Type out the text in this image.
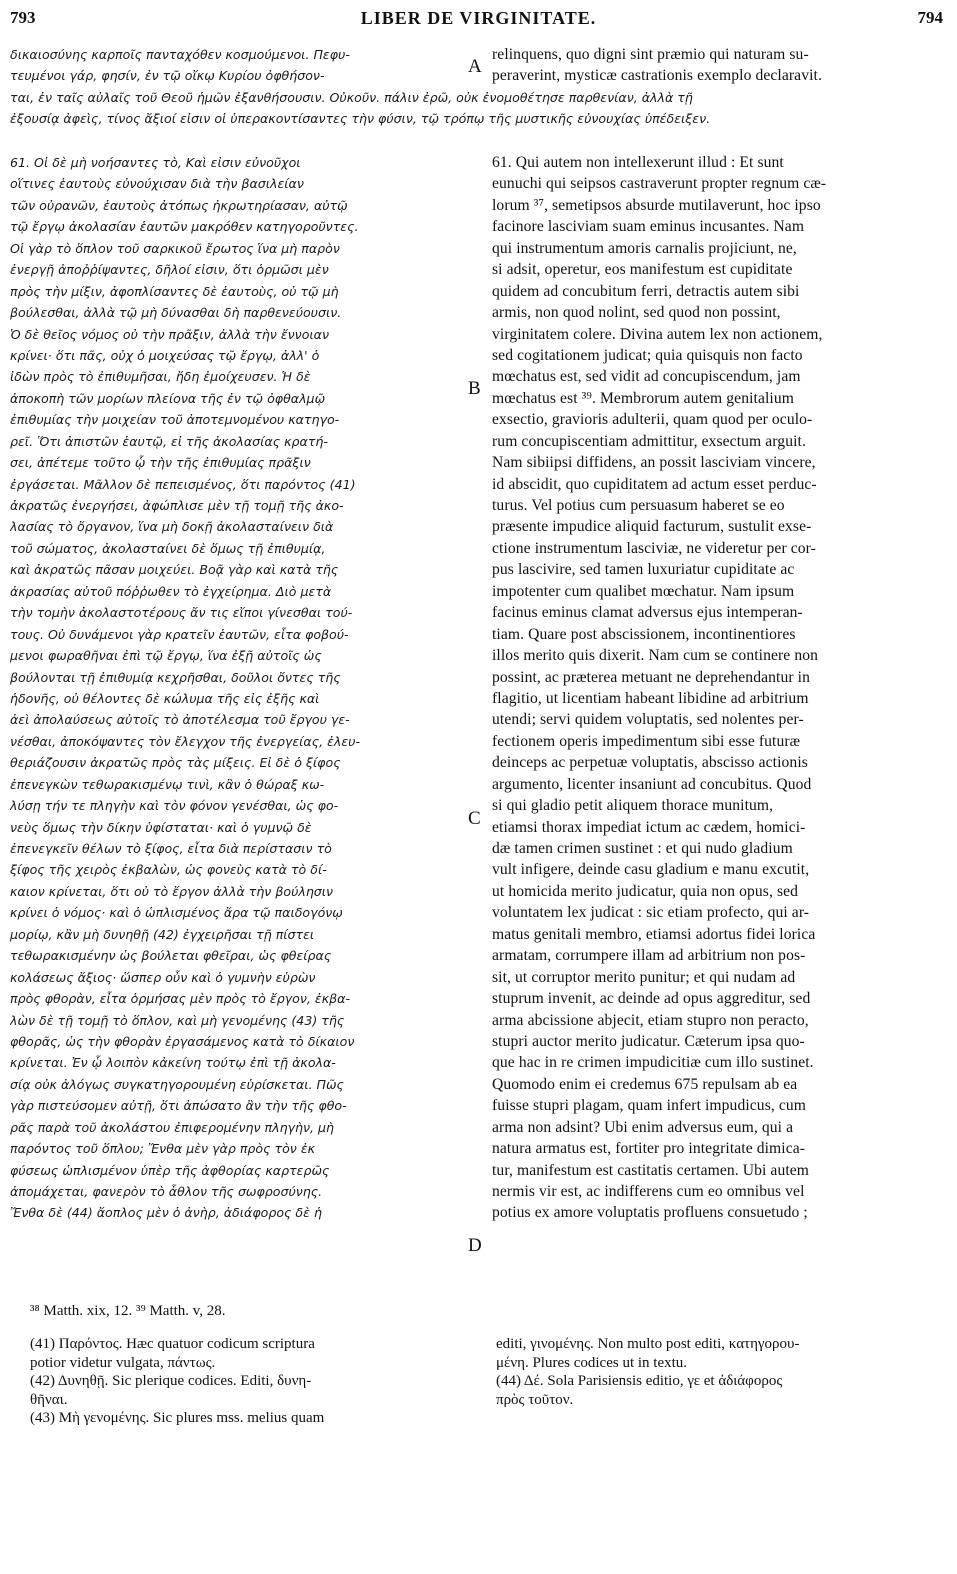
793	LIBER DE VIRGINITATE.	794
δικαιοσύνης καρποῖς πανταχόθεν κοσμούμενοι. Πεφυ-
τευμένοι γάρ, φησίν, ἐν τῷ οἴκῳ Κυρίου ὀφθήσον-
relinquens, quo digni sint præmio qui naturam su-
peraverint, mysticæ castrationis exemplo declaravit.
ται, ἐν ταῖς αὐλαῖς τοῦ Θεοῦ ἡμῶν ἐξανθήσουσιν. Οὐκοῦν. πάλιν ἐρῶ, οὐκ ἐνομοθέτησε παρθενίαν, ἀλλὰ τῇ
ἐξουσίᾳ ἀφεὶς, τίνος ἄξιοί εἰσιν οἱ ὑπερακοντίσαντες τὴν φύσιν, τῷ τρόπῳ τῆς μυστικῆς εὐνουχίας ὑπέδειξεν.
A
B
C
D
61. Οἱ δὲ μὴ νοήσαντες τὸ, Καὶ εἰσιν εὐνοῦχοι
οἵτινες ἑαυτοὺς εὐνούχισαν διὰ τὴν βασιλείαν
τῶν οὐρανῶν, ἑαυτοὺς ἀτόπως ἠκρωτηρίασαν, αὐτῷ
τῷ ἔργῳ ἀκολασίαν ἑαυτῶν μακρόθεν κατηγοροῦντες.
Οἱ γὰρ τὸ ὅπλον τοῦ σαρκικοῦ ἔρωτος ἵνα μὴ παρὸν
ἐνεργῇ ἀποῤῥίψαντες, δῆλοί εἰσιν, ὅτι ὁρμῶσι μὲν
πρὸς τὴν μίξιν, ἀφοπλίσαντες δὲ ἑαυτοὺς, οὐ τῷ μὴ
βούλεσθαι, ἀλλὰ τῷ μὴ δύνασθαι δὴ παρθενεύουσιν.
Ὁ δὲ θεῖος νόμος οὐ τὴν πρᾶξιν, ἀλλὰ τὴν ἔννοιαν
κρίνει· ὅτι πᾶς, οὐχ ὁ μοιχεύσας τῷ ἔργῳ, ἀλλ' ὁ
ἰδὼν πρὸς τὸ ἐπιθυμῆσαι, ἤδη ἐμοίχευσεν. Ἡ δὲ
ἀποκοπὴ τῶν μορίων πλείονα τῆς ἐν τῷ ὀφθαλμῷ
ἐπιθυμίας τὴν μοιχείαν τοῦ ἀποτεμνομένου κατηγο-
ρεῖ. Ὅτι ἀπιστῶν ἑαυτῷ, εἰ τῆς ἀκολασίας κρατή-
σει, ἀπέτεμε τοῦτο ᾧ τὴν τῆς ἐπιθυμίας πρᾶξιν
ἐργάσεται. Μᾶλλον δὲ πεπεισμένος, ὅτι παρόντος (41)
ἀκρατῶς ἐνεργήσει, ἀφώπλισε μὲν τῇ τομῇ τῆς ἀκο-
λασίας τὸ ὄργανον, ἵνα μὴ δοκῇ ἀκολασταίνειν διὰ
τοῦ σώματος, ἀκολασταίνει δὲ ὅμως τῇ ἐπιθυμίᾳ,
καὶ ἀκρατῶς πᾶσαν μοιχεύει. Βοᾷ γὰρ καὶ κατὰ τῆς
ἀκρασίας αὐτοῦ πόῤῥωθεν τὸ ἐγχείρημα. Διὸ μετὰ
τὴν τομὴν ἀκολαστοτέρους ἄν τις εἴποι γίνεσθαι τού-
τους. Οὐ δυνάμενοι γὰρ κρατεῖν ἑαυτῶν, εἶτα φοβού-
μενοι φωραθῆναι ἐπὶ τῷ ἔργῳ, ἵνα ἐξῇ αὐτοῖς ὡς
βούλονται τῇ ἐπιθυμίᾳ κεχρῆσθαι, δοῦλοι ὄντες τῆς
ἡδονῆς, οὐ θέλοντες δὲ κώλυμα τῆς εἰς ἐξῆς καὶ
ἀεὶ ἀπολαύσεως αὐτοῖς τὸ ἀποτέλεσμα τοῦ ἔργου γε-
νέσθαι, ἀποκόψαντες τὸν ἔλεγχον τῆς ἐνεργείας, ἐλευ-
θεριάζουσιν ἀκρατῶς πρὸς τὰς μίξεις. Εἰ δὲ ὁ ξίφος
ἐπενεγκὼν τεθωρακισμένῳ τινὶ, κἂν ὁ θώραξ κω-
λύσῃ τήν τε πληγὴν καὶ τὸν φόνον γενέσθαι, ὡς φο-
νεὺς ὅμως τὴν δίκην ὑφίσταται· καὶ ὁ γυμνῷ δὲ
ἐπενεγκεῖν θέλων τὸ ξίφος, εἶτα διὰ περίστασιν τὸ
ξίφος τῆς χειρὸς ἐκβαλὼν, ὡς φονεὺς κατὰ τὸ δί-
καιον κρίνεται, ὅτι οὐ τὸ ἔργον ἀλλὰ τὴν βούλησιν
κρίνει ὁ νόμος· καὶ ὁ ὡπλισμένος ἄρα τῷ παιδογόνῳ
μορίῳ, κἂν μὴ δυνηθῇ (42) ἐγχειρῆσαι τῇ πίστει
τεθωρακισμένην ὡς βούλεται φθεῖραι, ὡς φθείρας
κολάσεως ἄξιος· ὥσπερ οὖν καὶ ὁ γυμνὴν εὑρὼν
πρὸς φθορὰν, εἶτα ὁρμήσας μὲν πρὸς τὸ ἔργον, ἐκβα-
λὼν δὲ τῇ τομῇ τὸ ὅπλον, καὶ μὴ γενομένης (43) τῆς
φθορᾶς, ὡς τὴν φθορὰν ἐργασάμενος κατὰ τὸ δίκαιον
κρίνεται. Ἐν ᾧ λοιπὸν κἀκείνη τούτῳ ἐπὶ τῇ ἀκολα-
σίᾳ οὐκ ἀλόγως συγκατηγορουμένη εὑρίσκεται. Πῶς
γὰρ πιστεύσομεν αὐτῇ, ὅτι ἀπώσατο ἂν τὴν τῆς φθο-
ρᾶς παρὰ τοῦ ἀκολάστου ἐπιφερομένην πληγὴν, μὴ
παρόντος τοῦ ὅπλου; Ἔνθα μὲν γὰρ πρὸς τὸν ἐκ
φύσεως ὡπλισμένον ὑπὲρ τῆς ἀφθορίας καρτερῶς
ἀπομάχεται, φανερὸν τὸ ἆθλον τῆς σωφροσύνης.
Ἔνθα δὲ (44) ἄοπλος μὲν ὁ ἀνὴρ, ἀδιάφορος δὲ ἡ
61. Qui autem non intellexerunt illud : Et sunt
eunuchi qui seipsos castraverunt propter regnum cæ-
lorum ³⁷, semetipsos absurde mutilaverunt, hoc ipso
facinore lasciviam suam eminus incusantes. Nam
qui instrumentum amoris carnalis projiciunt, ne,
si adsit, operetur, eos manifestum est cupiditate
quidem ad concubitum ferri, detractis autem sibi
armis, non quod nolint, sed quod non possint,
virginitatem colere. Divina autem lex non actionem,
sed cogitationem judicat; quia quisquis non facto
mœchatus est, sed vidit ad concupiscendum, jam
mœchatus est ³⁹. Membrorum autem genitalium
exsectio, gravioris adulterii, quam quod per oculo-
rum concupiscentiam admittitur, exsectum arguit.
Nam sibiipsi diffidens, an possit lasciviam vincere,
id abscidit, quo cupiditatem ad actum esset perduc-
turus. Vel potius cum persuasum haberet se eo
præsente impudice aliquid facturum, sustulit exse-
ctione instrumentum lasciviæ, ne videretur per cor-
pus lascivire, sed tamen luxuriatur cupiditate ac
impotenter cum qualibet mœchatur. Nam ipsum
facinus eminus clamat adversus ejus intemperan-
tiam. Quare post abscissionem, incontinentiores
illos merito quis dixerit. Nam cum se continere non
possint, ac præterea metuant ne deprehendantur in
flagitio, ut licentiam habeant libidine ad arbitrium
utendi; servi quidem voluptatis, sed nolentes per-
fectionem operis impedimentum sibi esse futuræ
deinceps ac perpetuæ voluptatis, abscisso actionis
argumento, licenter insaniunt ad concubitus. Quod
si qui gladio petit aliquem thorace munitum,
etiamsi thorax impediat ictum ac cædem, homici-
dæ tamen crimen sustinet : et qui nudo gladium
vult infigere, deinde casu gladium e manu excutit,
ut homicida merito judicatur, quia non opus, sed
voluntatem lex judicat : sic etiam profecto, qui ar-
matus genitali membro, etiamsi adortus fidei lorica
armatam, corrumpere illam ad arbitrium non pos-
sit, ut corruptor merito punitur; et qui nudam ad
stuprum invenit, ac deinde ad opus aggreditur, sed
arma abcissione abjecit, etiam stupro non peracto,
stupri auctor merito judicatur. Cæterum ipsa quo-
que hac in re crimen impudicitiæ cum illo sustinet.
Quomodo enim ei credemus 675 repulsam ab ea
fuisse stupri plagam, quam infert impudicus, cum
arma non adsint? Ubi enim adversus eum, qui a
natura armatus est, fortiter pro integritate dimica-
tur, manifestum est castitatis certamen. Ubi autem
nermis vir est, ac indifferens cum eo omnibus vel
potius ex amore voluptatis profluens consuetudo ;
³⁸ Matth. xix, 12. ³⁹ Matth. v, 28.
(41) Παρόντος. Hæc quatuor codicum scriptura
potior videtur vulgata, πάντως.
(42) Δυνηθῇ. Sic plerique codices. Editi, δυνη-
θῆναι.
(43) Μὴ γενομένης. Sic plures mss. melius quam
editi, γινομένης. Non multo post editi, κατηγορου-
μένη. Plures codices ut in textu.
(44) Δέ. Sola Parisiensis editio, γε et ἀδιάφορος
πρὸς τοῦτον.
